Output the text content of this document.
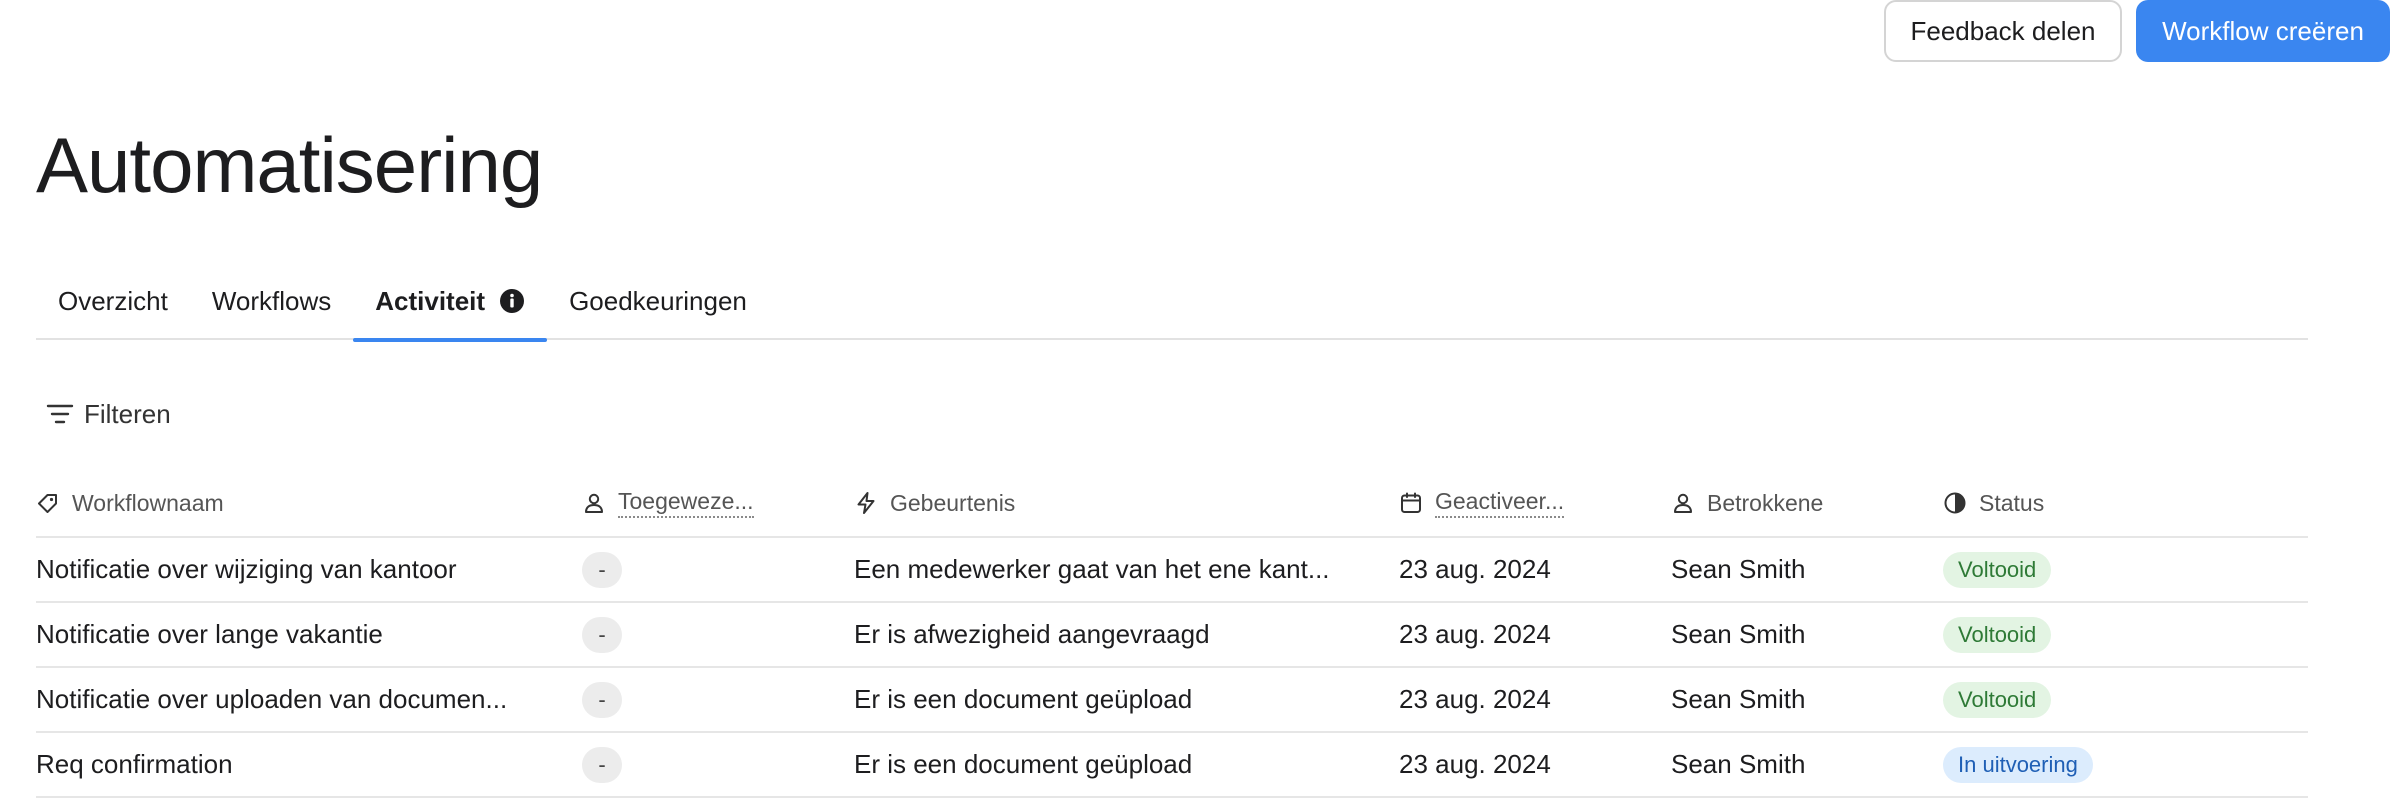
Feedback delen	Workflow creëren
Automatisering
Overzicht Workflows Activiteit	Goedkeuringen
Filteren
Workflownaam	Toegeweze...	Gebeurtenis	Geactiveer...	Betrokkene	Status
Notificatie over wijziging van kantoor	-	Een medewerker gaat van het ene kant...	23 aug. 2024	Sean Smith	Voltooid
Notificatie over lange vakantie	-	Er is afwezigheid aangevraagd	23 aug. 2024	Sean Smith	Voltooid
Notificatie over uploaden van documen...	-	Er is een document geüpload	23 aug. 2024	Sean Smith	Voltooid
Req confirmation	-	Er is een document geüpload	23 aug. 2024	Sean Smith	In uitvoering
